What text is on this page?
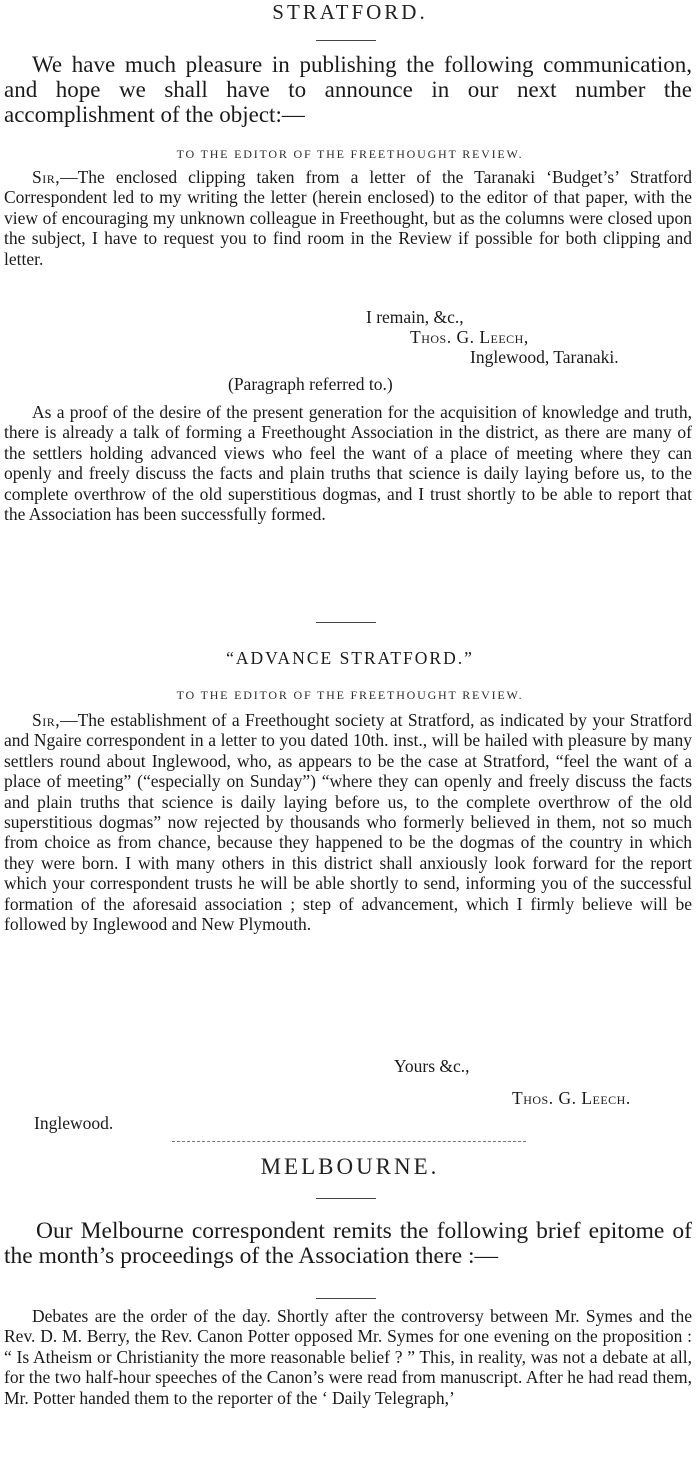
STRATFORD.

We have much pleasure in publishing the following communication, and hope we shall have to announce in our next number the accomplishment of the object:—

TO THE EDITOR OF THE FREETHOUGHT REVIEW.

Sir,—The enclosed clipping taken from a letter of the Taranaki ‘Budget’s’ Stratford Correspondent led to my writing the letter (herein enclosed) to the editor of that paper, with the view of encouraging my unknown colleague in Freethought, but as the columns were closed upon the subject, I have to request you to find room in the Review if possible for both clipping and letter.

I remain, &c.,
Thos. G. Leech,
Inglewood, Taranaki.
(Paragraph referred to.)

As a proof of the desire of the present generation for the acquisition of knowledge and truth, there is already a talk of forming a Freethought Association in the district, as there are many of the settlers holding advanced views who feel the want of a place of meeting where they can openly and freely discuss the facts and plain truths that science is daily laying before us, to the complete overthrow of the old superstitious dogmas, and I trust shortly to be able to report that the Association has been successfully formed.

“ADVANCE STRATFORD.”
TO THE EDITOR OF THE FREETHOUGHT REVIEW.

Sir,—The establishment of a Freethought society at Stratford, as indicated by your Stratford and Ngaire correspondent in a letter to you dated 10th. inst., will be hailed with pleasure by many settlers round about Inglewood, who, as appears to be the case at Stratford, “feel the want of a place of meeting” (“especially on Sunday”) “where they can openly and freely discuss the facts and plain truths that science is daily laying before us, to the complete overthrow of the old superstitious dogmas” now rejected by thousands who formerly believed in them, not so much from choice as from chance, because they happened to be the dogmas of the country in which they were born. I with many others in this district shall anxiously look forward for the report which your correspondent trusts he will be able shortly to send, informing you of the successful formation of the aforesaid association ; step of advancement, which I firmly believe will be followed by Inglewood and New Plymouth.

Yours &c.,
Thos. G. Leech.
Inglewood.
MELBOURNE.

Our Melbourne correspondent remits the following brief epitome of the month’s proceedings of the Association there :—

Debates are the order of the day. Shortly after the controversy between Mr. Symes and the Rev. D. M. Berry, the Rev. Canon Potter opposed Mr. Symes for one evening on the proposition : “ Is Atheism or Christianity the more reasonable belief ? ” This, in reality, was not a debate at all, for the two half-hour speeches of the Canon’s were read from manuscript. After he had read them, Mr. Potter handed them to the reporter of the ‘ Daily Telegraph,’
